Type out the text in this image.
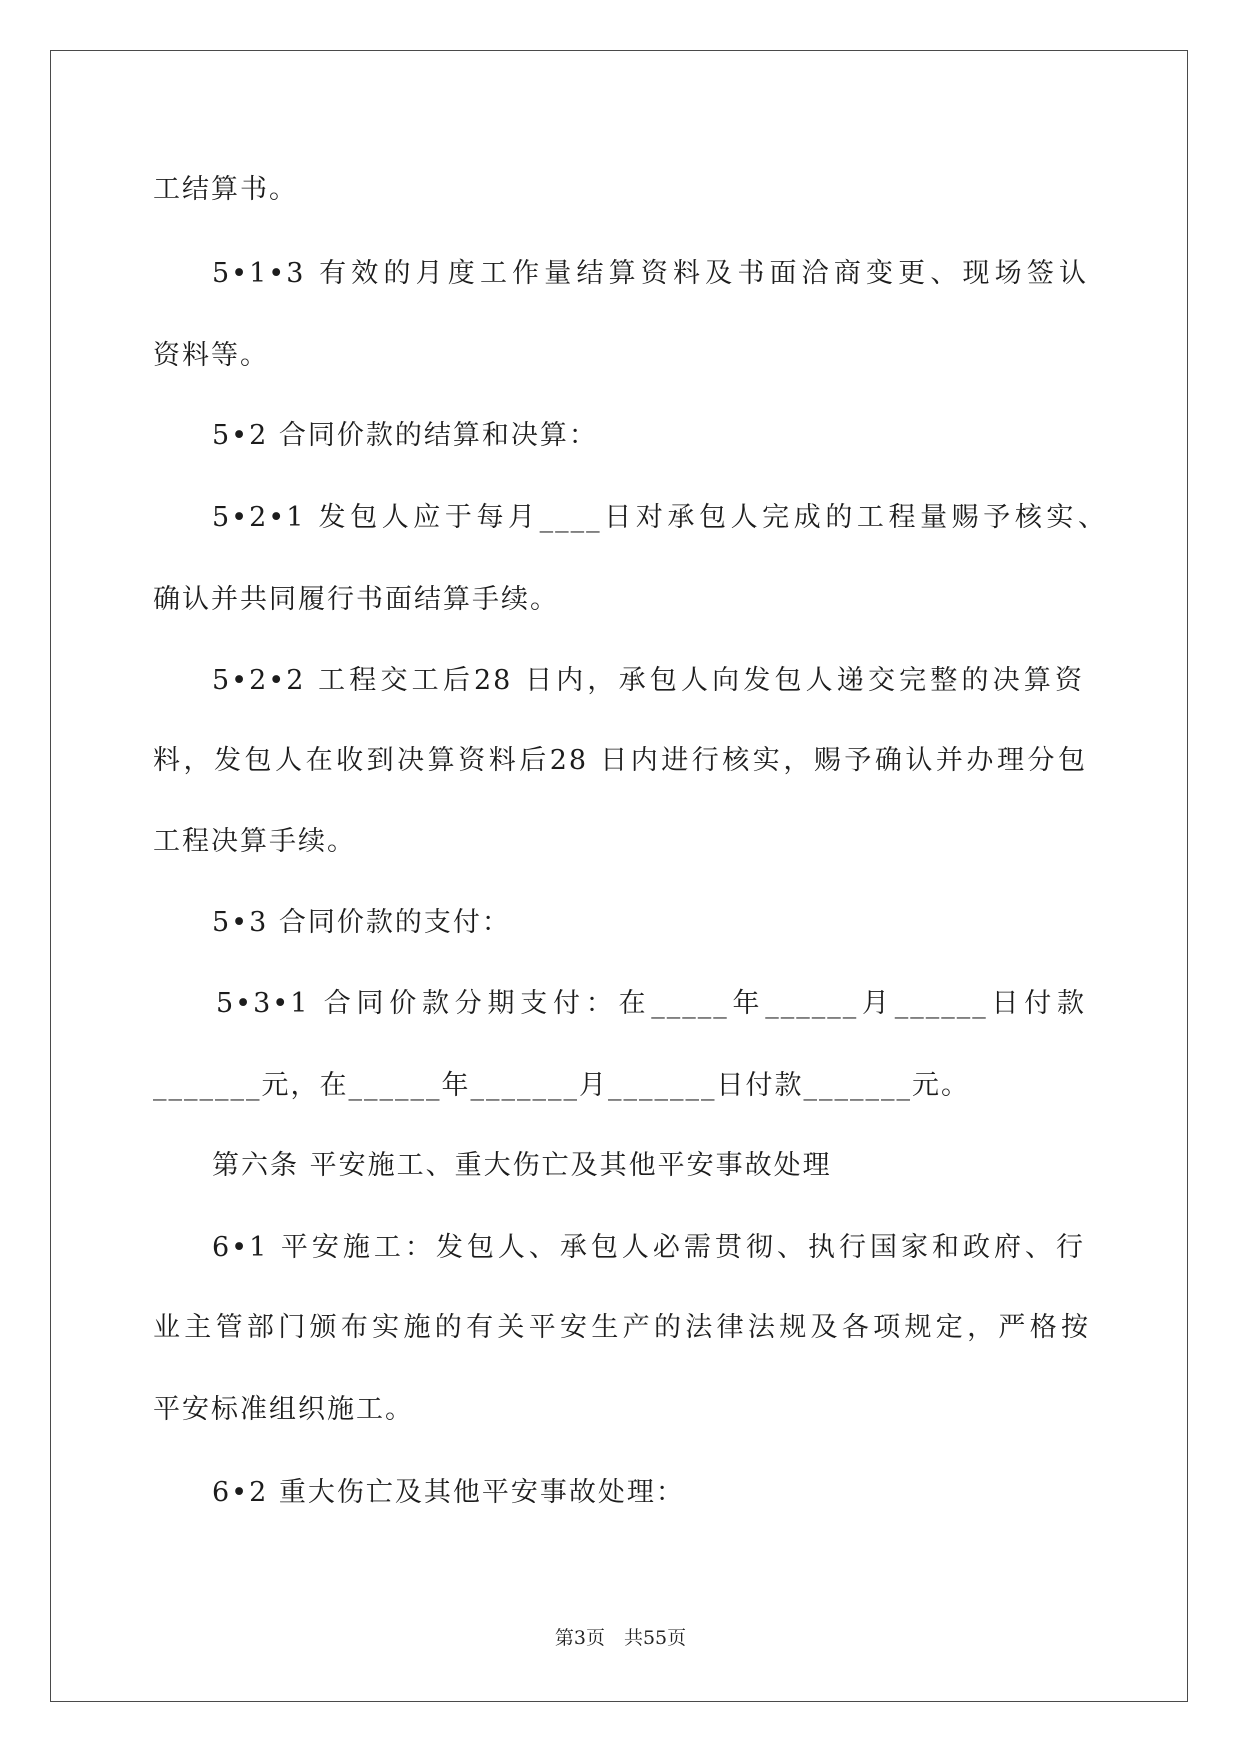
工结算书。

5•1•3 有效的月度工作量结算资料及书面洽商变更、现场签认

资料等。

5•2 合同价款的结算和决算：

5•2•1 发包人应于每月____日对承包人完成的工程量赐予核实、

确认并共同履行书面结算手续。

5•2•2 工程交工后28 日内，承包人向发包人递交完整的决算资

料，发包人在收到决算资料后28 日内进行核实，赐予确认并办理分包

工程决算手续。

5•3 合同价款的支付：

5•3•1 合同价款分期支付：在_____年______月______日付款

_______元，在______年_______月_______日付款_______元。

第六条 平安施工、重大伤亡及其他平安事故处理

6•1 平安施工：发包人、承包人必需贯彻、执行国家和政府、行

业主管部门颁布实施的有关平安生产的法律法规及各项规定，严格按

平安标准组织施工。

6•2 重大伤亡及其他平安事故处理：

第3页　共55页
